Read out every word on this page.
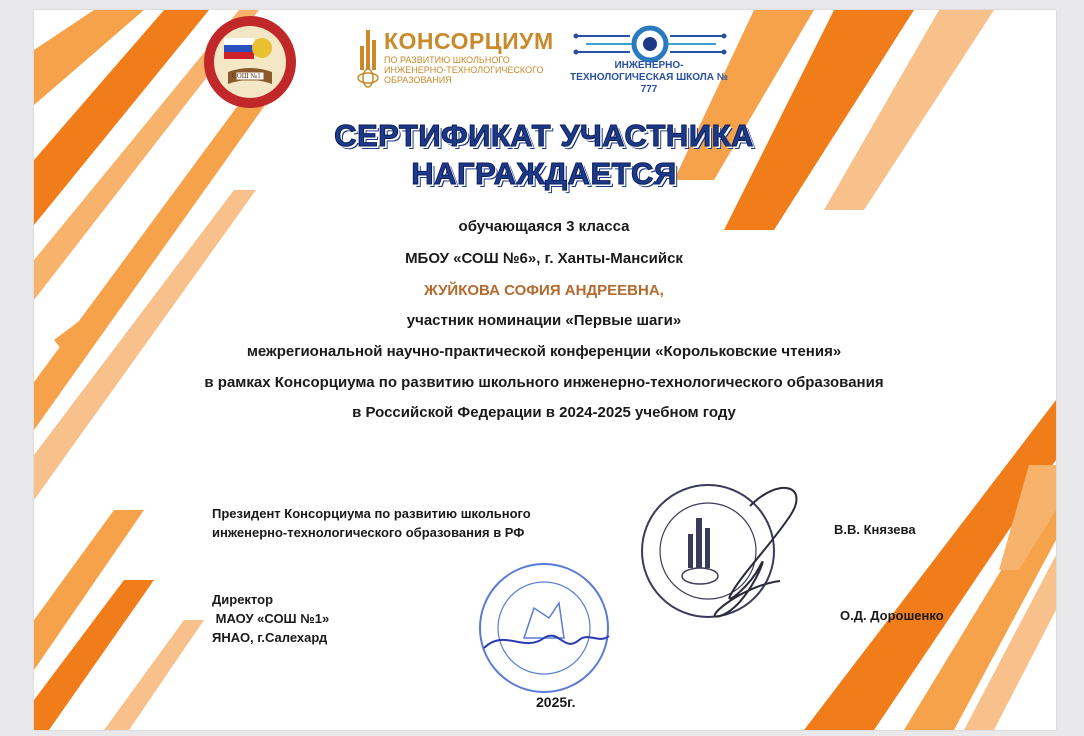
СОШ №1
КОНСОРЦИУМ
ПО РАЗВИТИЮ ШКОЛЬНОГО ИНЖЕНЕРНО-ТЕХНОЛОГИЧЕСКОГО ОБРАЗОВАНИЯ
ИНЖЕНЕРНО-ТЕХНОЛОГИЧЕСКАЯ ШКОЛА № 777
СЕРТИФИКАТ УЧАСТНИКА
НАГРАЖДАЕТСЯ
обучающаяся 3 класса
МБОУ «СОШ №6», г. Ханты-Мансийск
ЖУЙКОВА СОФИЯ АНДРЕЕВНА,
участник номинации «Первые шаги»
межрегиональной научно-практической конференции «Корольковские чтения»
в рамках Консорциума по развитию школьного инженерно-технологического образования
в Российской Федерации в 2024-2025 учебном году
Президент Консорциума по развитию школьного
инженерно-технологического образования в РФ	В.В. Князева
Директор
МАОУ «СОШ №1»
ЯНАО, г.Салехард
О.Д. Дорошенко
2025г.
